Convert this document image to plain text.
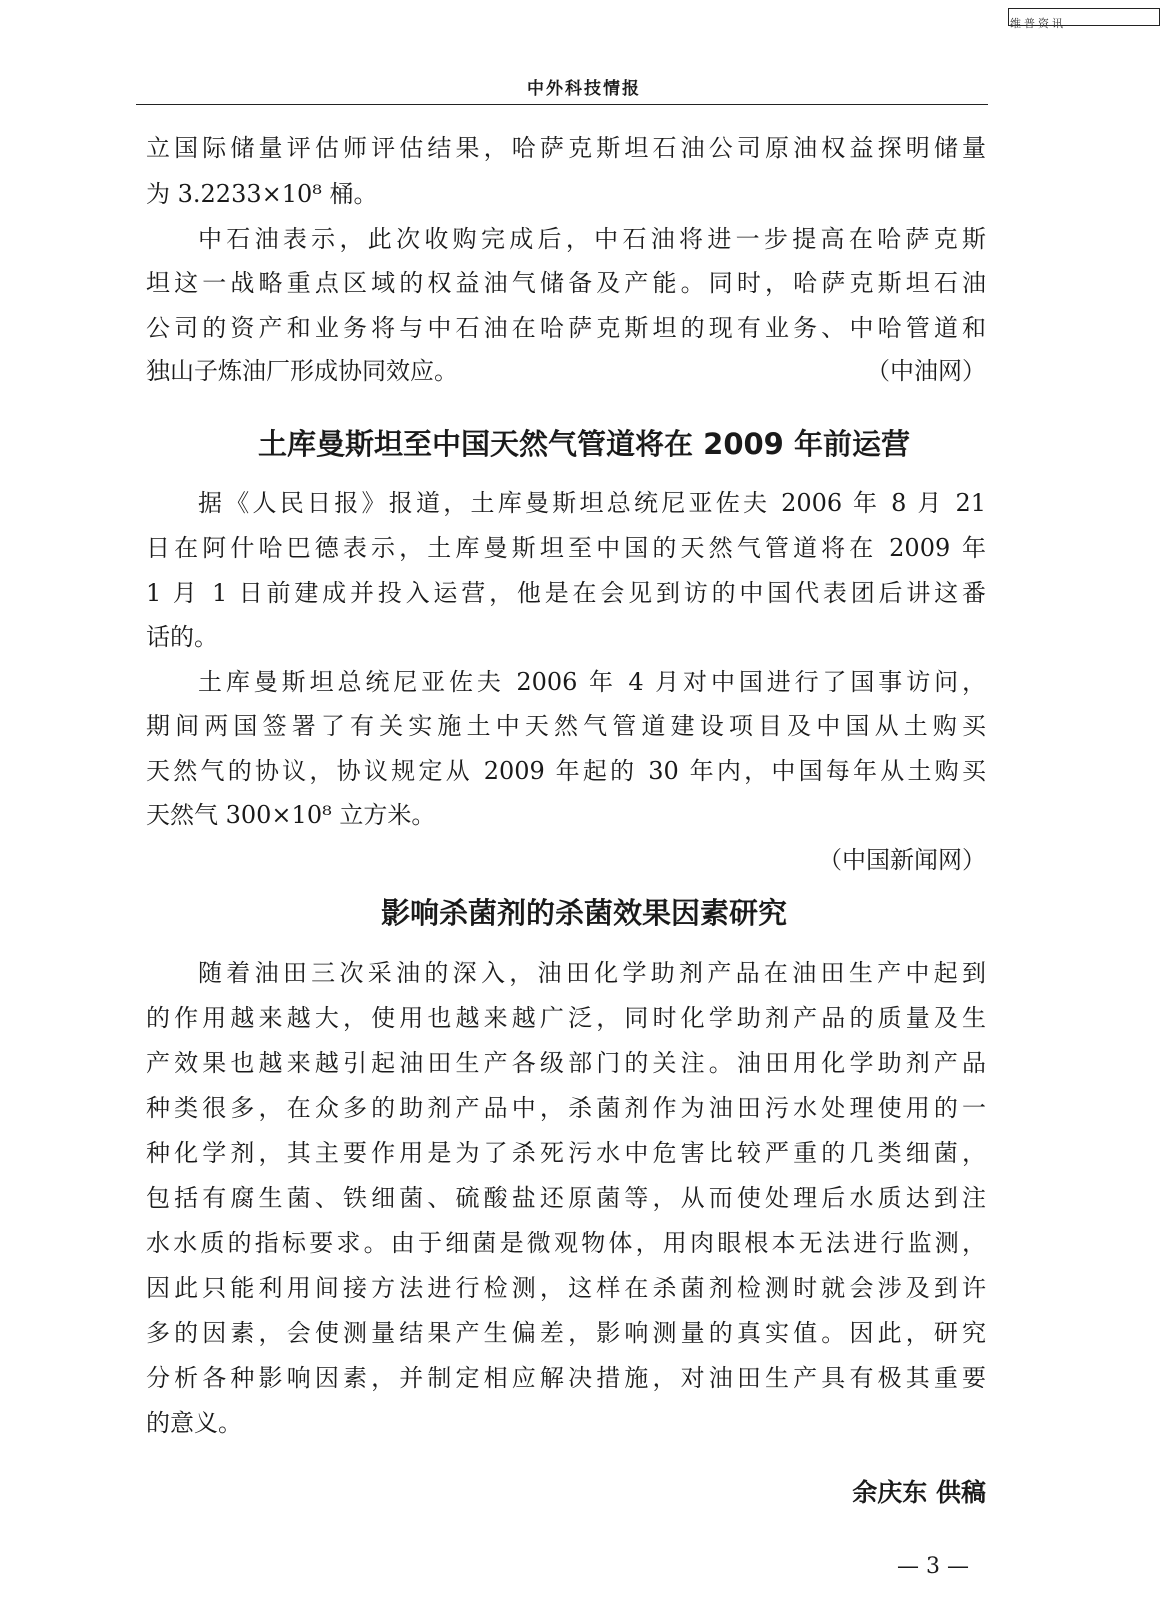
维普资讯
中外科技情报
立国际储量评估师评估结果，哈萨克斯坦石油公司原油权益探明储量
为 3.2233×10⁸ 桶。
中石油表示，此次收购完成后，中石油将进一步提高在哈萨克斯
坦这一战略重点区域的权益油气储备及产能。同时，哈萨克斯坦石油
公司的资产和业务将与中石油在哈萨克斯坦的现有业务、中哈管道和
独山子炼油厂形成协同效应。	（中油网）
土库曼斯坦至中国天然气管道将在 2009 年前运营
据《人民日报》报道，土库曼斯坦总统尼亚佐夫 2006 年 8 月 21
日在阿什哈巴德表示，土库曼斯坦至中国的天然气管道将在 2009 年
1 月 1 日前建成并投入运营，他是在会见到访的中国代表团后讲这番
话的。
土库曼斯坦总统尼亚佐夫 2006 年 4 月对中国进行了国事访问，
期间两国签署了有关实施土中天然气管道建设项目及中国从土购买
天然气的协议，协议规定从 2009 年起的 30 年内，中国每年从土购买
天然气 300×10⁸ 立方米。
（中国新闻网）
影响杀菌剂的杀菌效果因素研究
随着油田三次采油的深入，油田化学助剂产品在油田生产中起到
的作用越来越大，使用也越来越广泛，同时化学助剂产品的质量及生
产效果也越来越引起油田生产各级部门的关注。油田用化学助剂产品
种类很多，在众多的助剂产品中，杀菌剂作为油田污水处理使用的一
种化学剂，其主要作用是为了杀死污水中危害比较严重的几类细菌，
包括有腐生菌、铁细菌、硫酸盐还原菌等，从而使处理后水质达到注
水水质的指标要求。由于细菌是微观物体，用肉眼根本无法进行监测，
因此只能利用间接方法进行检测，这样在杀菌剂检测时就会涉及到许
多的因素，会使测量结果产生偏差，影响测量的真实值。因此，研究
分析各种影响因素，并制定相应解决措施，对油田生产具有极其重要
的意义。
余庆东 供稿
— 3 —
